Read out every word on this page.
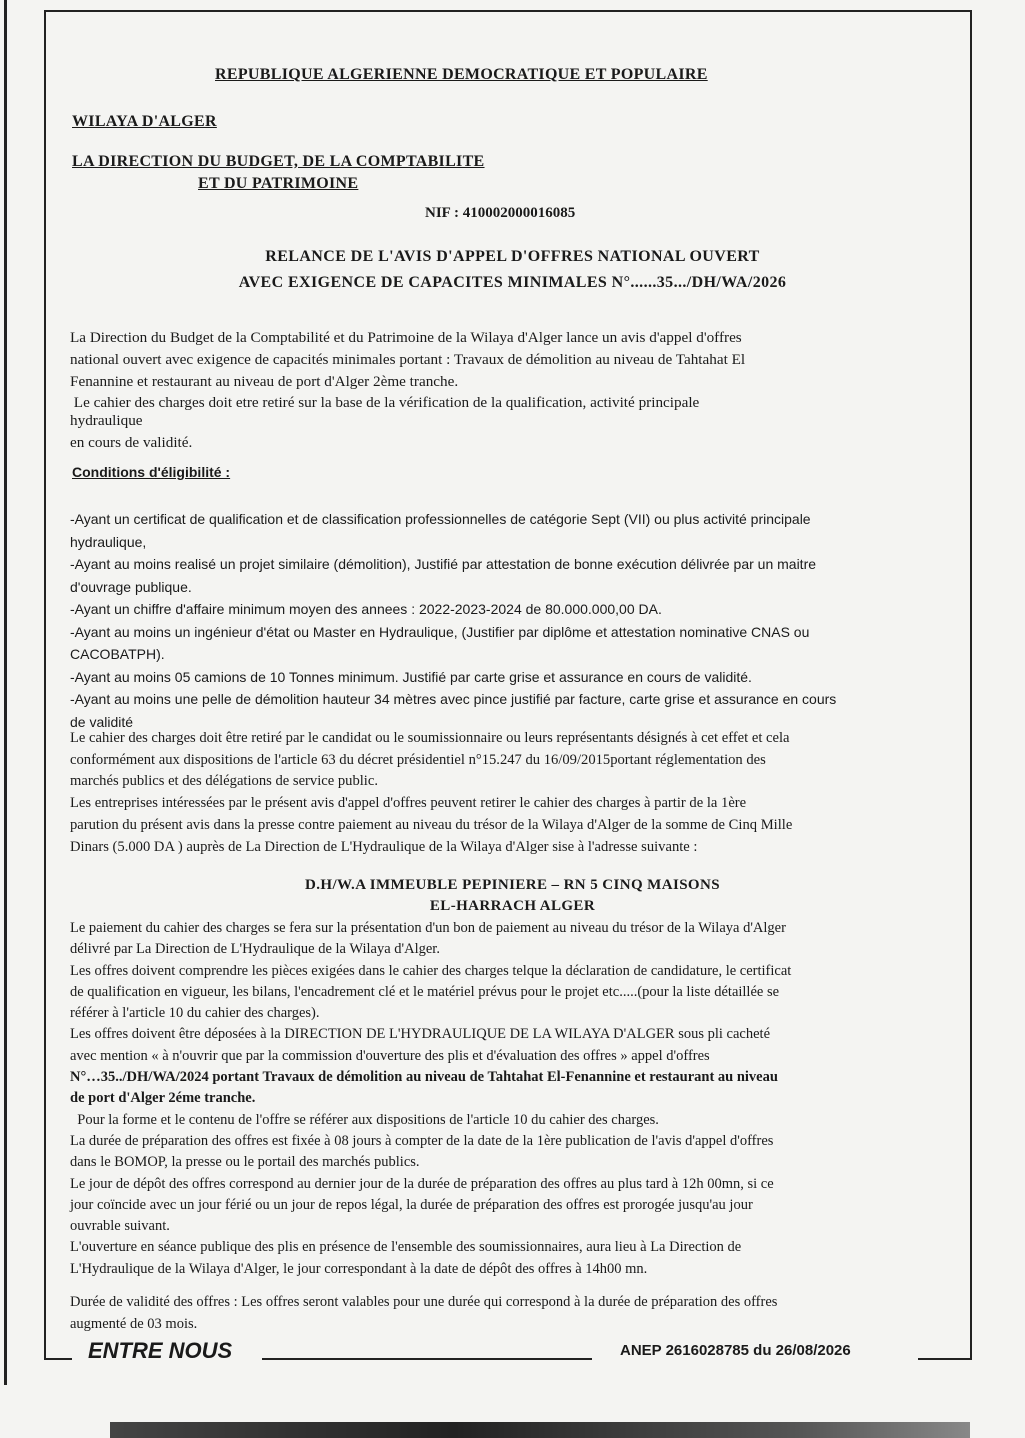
REPUBLIQUE ALGERIENNE DEMOCRATIQUE ET POPULAIRE
WILAYA D'ALGER
LA DIRECTION DU BUDGET, DE LA COMPTABILITE
ET DU PATRIMOINE
NIF : 410002000016085
RELANCE DE L'AVIS D'APPEL D'OFFRES NATIONAL OUVERT
AVEC EXIGENCE DE CAPACITES MINIMALES N°......35.../DH/WA/2026

La Direction du Budget de la Comptabilité et du Patrimoine de la Wilaya d'Alger lance un avis d'appel d'offres

national ouvert avec exigence de capacités minimales portant : Travaux de démolition au niveau de Tahtahat El

Fenannine et restaurant au niveau de port d'Alger 2ème tranche.

Le cahier des charges doit etre retiré sur la base de la vérification de la qualification, activité principale

hydraulique

en cours de validité.

Conditions d'éligibilité :

-Ayant un certificat de qualification et de classification professionnelles de catégorie Sept (VII) ou plus activité principale

hydraulique,

-Ayant au moins realisé un projet similaire (démolition), Justifié par attestation de bonne exécution délivrée par un maitre

d'ouvrage publique.

-Ayant un chiffre d'affaire minimum moyen des annees : 2022-2023-2024 de 80.000.000,00 DA.

-Ayant au moins un ingénieur d'état ou Master en Hydraulique, (Justifier par diplôme et attestation nominative CNAS ou

CACOBATPH).

-Ayant au moins 05 camions de 10 Tonnes minimum. Justifié par carte grise et assurance en cours de validité.

-Ayant au moins une pelle de démolition hauteur 34 mètres avec pince justifié par facture, carte grise et assurance en cours

de validité

Le cahier des charges doit être retiré par le candidat ou le soumissionnaire ou leurs représentants désignés à cet effet et cela

conformément aux dispositions de l'article 63 du décret présidentiel n°15.247 du 16/09/2015portant réglementation des

marchés publics et des délégations de service public.

Les entreprises intéressées par le présent avis d'appel d'offres peuvent retirer le cahier des charges à partir de la 1ère

parution du présent avis dans la presse contre paiement au niveau du trésor de la Wilaya d'Alger de la somme de Cinq Mille

Dinars (5.000 DA ) auprès de La Direction de L'Hydraulique de la Wilaya d'Alger sise à l'adresse suivante :

D.H/W.A IMMEUBLE PEPINIERE – RN 5 CINQ MAISONS
EL-HARRACH ALGER

Le paiement du cahier des charges se fera sur la présentation d'un bon de paiement au niveau du trésor de la Wilaya d'Alger

délivré par La Direction de L'Hydraulique de la Wilaya d'Alger.

Les offres doivent comprendre les pièces exigées dans le cahier des charges telque la déclaration de candidature, le certificat

de qualification en vigueur, les bilans, l'encadrement clé et le matériel prévus pour le projet etc.....(pour la liste détaillée se

référer à l'article 10 du cahier des charges).

Les offres doivent être déposées à la DIRECTION DE L'HYDRAULIQUE DE LA WILAYA D'ALGER sous pli cacheté

avec mention « à n'ouvrir que par la commission d'ouverture des plis et d'évaluation des offres » appel d'offres

N°…35../DH/WA/2024 portant Travaux de démolition au niveau de Tahtahat El-Fenannine et restaurant au niveau

de port d'Alger 2éme tranche.

Pour la forme et le contenu de l'offre se référer aux dispositions de l'article 10 du cahier des charges.

La durée de préparation des offres est fixée à 08 jours à compter de la date de la 1ère publication de l'avis d'appel d'offres

dans le BOMOP, la presse ou le portail des marchés publics.

Le jour de dépôt des offres correspond au dernier jour de la durée de préparation des offres au plus tard à 12h 00mn, si ce

jour coïncide avec un jour férié ou un jour de repos légal, la durée de préparation des offres est prorogée jusqu'au jour

ouvrable suivant.

L'ouverture en séance publique des plis en présence de l'ensemble des soumissionnaires, aura lieu à La Direction de

L'Hydraulique de la Wilaya d'Alger, le jour correspondant à la date de dépôt des offres à 14h00 mn.

Durée de validité des offres : Les offres seront valables pour une durée qui correspond à la durée de préparation des offres

augmenté de 03 mois.

ENTRE NOUS	ANEP 2616028785 du 26/08/2026
